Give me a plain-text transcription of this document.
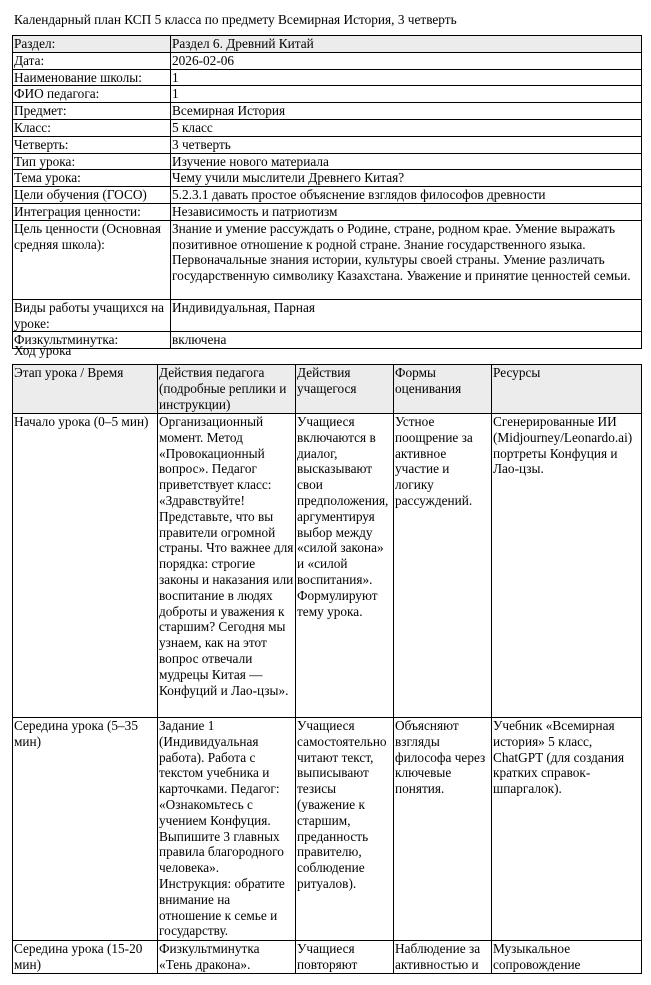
Календарный план КСП 5 класса по предмету Всемирная История, 3 четверть
Раздел:	Раздел 6. Древний Китай
Дата:	2026-02-06
Наименование школы:	1
ФИО педагога:	1
Предмет:	Всемирная История
Класс:	5 класс
Четверть:	3 четверть
Тип урока:	Изучение нового материала
Тема урока:	Чему учили мыслители Древнего Китая?
Цели обучения (ГОСО)	5.2.3.1 давать простое объяснение взглядов философов древности
Интеграция ценности:	Независимость и патриотизм
Цель ценности (Основная средняя школа):	Знание и умение рассуждать о Родине, стране, родном крае. Умение выражать позитивное отношение к родной стране. Знание государственного языка. Первоначальные знания истории, культуры своей страны. Умение различать государственную символику Казахстана. Уважение и принятие ценностей семьи.
Виды работы учащихся на уроке:	Индивидуальная, Парная
Физкультминутка:	включена
Ход урока
Этап урока / Время	Действия педагога (подробные реплики и инструкции)	Действия учащегося	Формы оценивания	Ресурсы
Начало урока (0–5 мин)	Организационный момент. Метод «Провокационный вопрос». Педагог приветствует класс: «Здравствуйте! Представьте, что вы правители огромной страны. Что важнее для порядка: строгие законы и наказания или воспитание в людях доброты и уважения к старшим? Сегодня мы узнаем, как на этот вопрос отвечали мудрецы Китая — Конфуций и Лао-цзы».	Учащиеся включаются в диалог, высказывают свои предположения, аргументируя выбор между «силой закона» и «силой воспитания». Формулируют тему урока.	Устное поощрение за активное участие и логику рассуждений.	Сгенерированные ИИ (Midjourney/Leonardo.ai) портреты Конфуция и Лао-цзы.
Середина урока (5–35 мин)	Задание 1 (Индивидуальная работа). Работа с текстом учебника и карточками. Педагог: «Ознакомьтесь с учением Конфуция. Выпишите 3 главных правила благородного человека». Инструкция: обратите внимание на отношение к семье и государству.	Учащиеся самостоятельно читают текст, выписывают тезисы (уважение к старшим, преданность правителю, соблюдение ритуалов).	Объясняют взгляды философа через ключевые понятия.	Учебник «Всемирная история» 5 класс, ChatGPT (для создания кратких справок-шпаргалок).
Середина урока (15-20 мин)	Физкультминутка «Тень дракона».	Учащиеся повторяют	Наблюдение за активностью и	Музыкальное сопровождение
